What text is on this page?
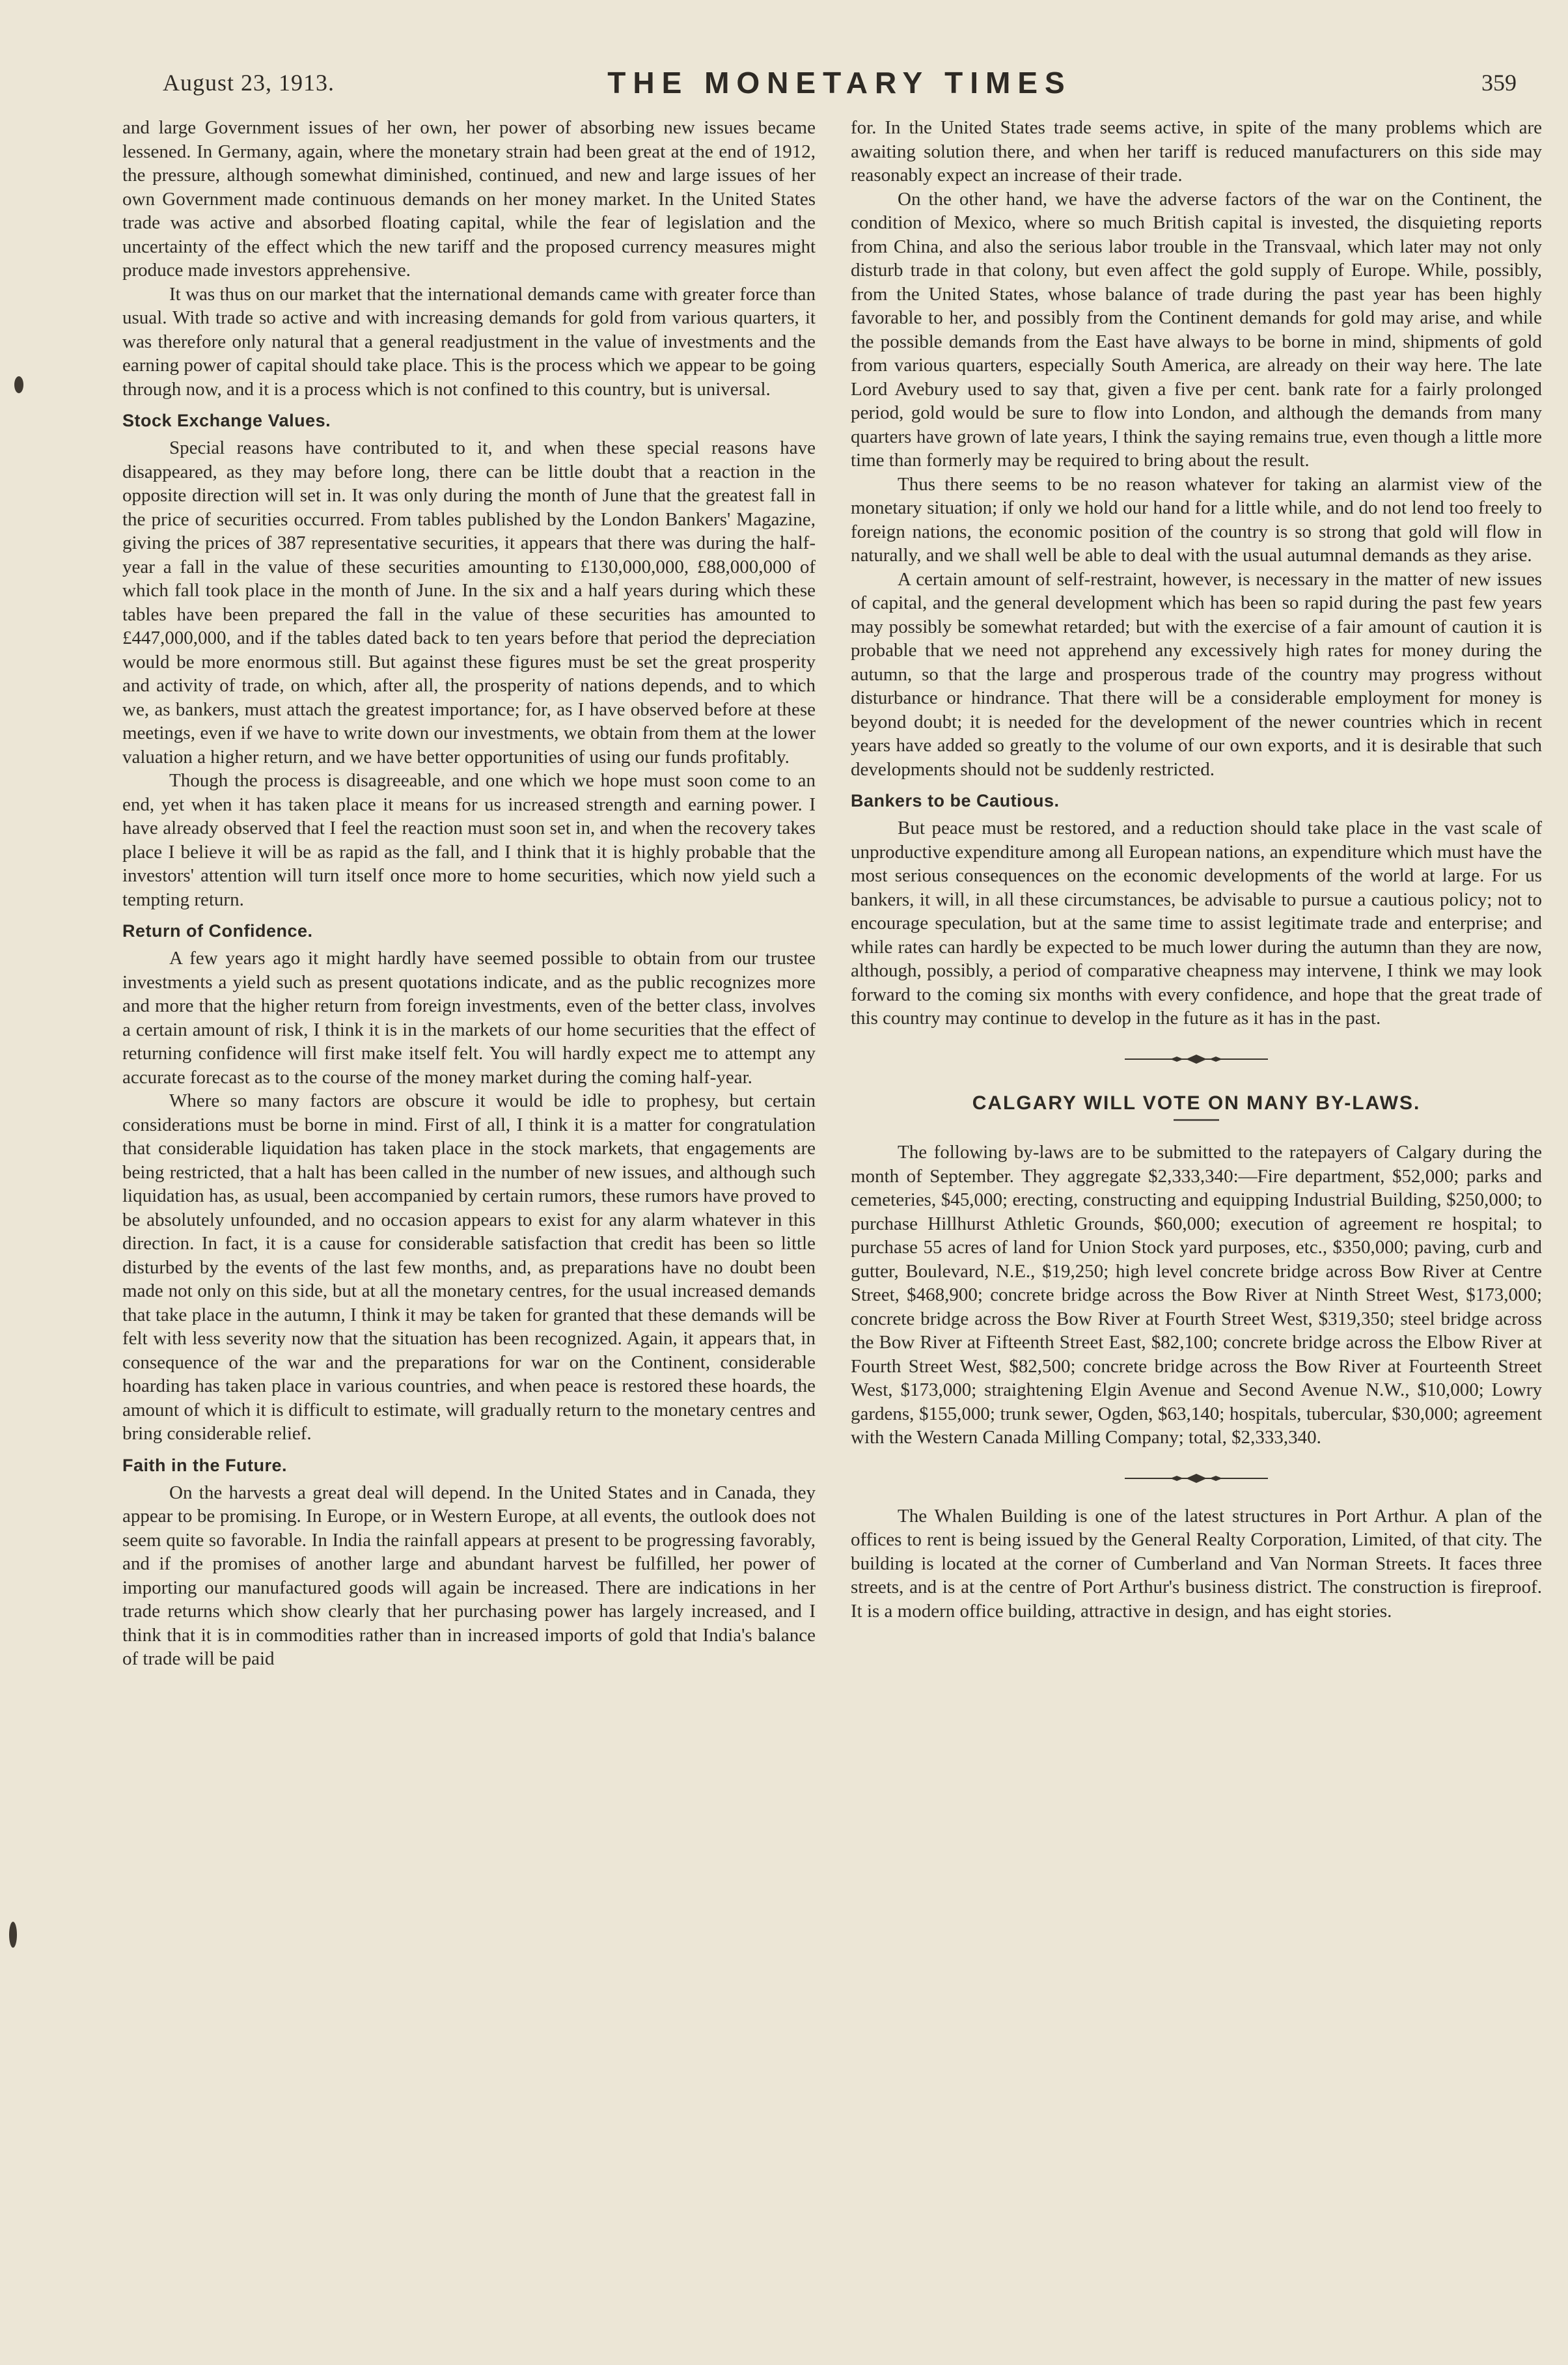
August 23, 1913.	THE MONETARY TIMES	359

and large Government issues of her own, her power of absorbing new issues became lessened. In Germany, again, where the monetary strain had been great at the end of 1912, the pressure, although somewhat diminished, continued, and new and large issues of her own Government made continuous demands on her money market. In the United States trade was active and absorbed floating capital, while the fear of legislation and the uncertainty of the effect which the new tariff and the proposed currency measures might produce made investors apprehensive.

It was thus on our market that the international demands came with greater force than usual. With trade so active and with increasing demands for gold from various quarters, it was therefore only natural that a general readjustment in the value of investments and the earning power of capital should take place. This is the process which we appear to be going through now, and it is a process which is not confined to this country, but is universal.

Stock Exchange Values.

Special reasons have contributed to it, and when these special reasons have disappeared, as they may before long, there can be little doubt that a reaction in the opposite direction will set in. It was only during the month of June that the greatest fall in the price of securities occurred. From tables published by the London Bankers' Magazine, giving the prices of 387 representative securities, it appears that there was during the half-year a fall in the value of these securities amounting to £130,000,000, £88,000,000 of which fall took place in the month of June. In the six and a half years during which these tables have been prepared the fall in the value of these securities has amounted to £447,000,000, and if the tables dated back to ten years before that period the depreciation would be more enormous still. But against these figures must be set the great prosperity and activity of trade, on which, after all, the prosperity of nations depends, and to which we, as bankers, must attach the greatest importance; for, as I have observed before at these meetings, even if we have to write down our investments, we obtain from them at the lower valuation a higher return, and we have better opportunities of using our funds profitably.

Though the process is disagreeable, and one which we hope must soon come to an end, yet when it has taken place it means for us increased strength and earning power. I have already observed that I feel the reaction must soon set in, and when the recovery takes place I believe it will be as rapid as the fall, and I think that it is highly probable that the investors' attention will turn itself once more to home securities, which now yield such a tempting return.

Return of Confidence.

A few years ago it might hardly have seemed possible to obtain from our trustee investments a yield such as present quotations indicate, and as the public recognizes more and more that the higher return from foreign investments, even of the better class, involves a certain amount of risk, I think it is in the markets of our home securities that the effect of returning confidence will first make itself felt. You will hardly expect me to attempt any accurate forecast as to the course of the money market during the coming half-year.

Where so many factors are obscure it would be idle to prophesy, but certain considerations must be borne in mind. First of all, I think it is a matter for congratulation that considerable liquidation has taken place in the stock markets, that engagements are being restricted, that a halt has been called in the number of new issues, and although such liquidation has, as usual, been accompanied by certain rumors, these rumors have proved to be absolutely unfounded, and no occasion appears to exist for any alarm whatever in this direction. In fact, it is a cause for considerable satisfaction that credit has been so little disturbed by the events of the last few months, and, as preparations have no doubt been made not only on this side, but at all the monetary centres, for the usual increased demands that take place in the autumn, I think it may be taken for granted that these demands will be felt with less severity now that the situation has been recognized. Again, it appears that, in consequence of the war and the preparations for war on the Continent, considerable hoarding has taken place in various countries, and when peace is restored these hoards, the amount of which it is difficult to estimate, will gradually return to the monetary centres and bring considerable relief.

Faith in the Future.

On the harvests a great deal will depend. In the United States and in Canada, they appear to be promising. In Europe, or in Western Europe, at all events, the outlook does not seem quite so favorable. In India the rainfall appears at present to be progressing favorably, and if the promises of another large and abundant harvest be fulfilled, her power of importing our manufactured goods will again be increased. There are indications in her trade returns which show clearly that her purchasing power has largely increased, and I think that it is in commodities rather than in increased imports of gold that India's balance of trade will be paid

for. In the United States trade seems active, in spite of the many problems which are awaiting solution there, and when her tariff is reduced manufacturers on this side may reasonably expect an increase of their trade.

On the other hand, we have the adverse factors of the war on the Continent, the condition of Mexico, where so much British capital is invested, the disquieting reports from China, and also the serious labor trouble in the Transvaal, which later may not only disturb trade in that colony, but even affect the gold supply of Europe. While, possibly, from the United States, whose balance of trade during the past year has been highly favorable to her, and possibly from the Continent demands for gold may arise, and while the possible demands from the East have always to be borne in mind, shipments of gold from various quarters, especially South America, are already on their way here. The late Lord Avebury used to say that, given a five per cent. bank rate for a fairly prolonged period, gold would be sure to flow into London, and although the demands from many quarters have grown of late years, I think the saying remains true, even though a little more time than formerly may be required to bring about the result.

Thus there seems to be no reason whatever for taking an alarmist view of the monetary situation; if only we hold our hand for a little while, and do not lend too freely to foreign nations, the economic position of the country is so strong that gold will flow in naturally, and we shall well be able to deal with the usual autumnal demands as they arise.

A certain amount of self-restraint, however, is necessary in the matter of new issues of capital, and the general development which has been so rapid during the past few years may possibly be somewhat retarded; but with the exercise of a fair amount of caution it is probable that we need not apprehend any excessively high rates for money during the autumn, so that the large and prosperous trade of the country may progress without disturbance or hindrance. That there will be a considerable employment for money is beyond doubt; it is needed for the development of the newer countries which in recent years have added so greatly to the volume of our own exports, and it is desirable that such developments should not be suddenly restricted.

Bankers to be Cautious.

But peace must be restored, and a reduction should take place in the vast scale of unproductive expenditure among all European nations, an expenditure which must have the most serious consequences on the economic developments of the world at large. For us bankers, it will, in all these circumstances, be advisable to pursue a cautious policy; not to encourage speculation, but at the same time to assist legitimate trade and enterprise; and while rates can hardly be expected to be much lower during the autumn than they are now, although, possibly, a period of comparative cheapness may intervene, I think we may look forward to the coming six months with every confidence, and hope that the great trade of this country may continue to develop in the future as it has in the past.

CALGARY WILL VOTE ON MANY BY-LAWS.

The following by-laws are to be submitted to the ratepayers of Calgary during the month of September. They aggregate $2,333,340:—Fire department, $52,000; parks and cemeteries, $45,000; erecting, constructing and equipping Industrial Building, $250,000; to purchase Hillhurst Athletic Grounds, $60,000; execution of agreement re hospital; to purchase 55 acres of land for Union Stock yard purposes, etc., $350,000; paving, curb and gutter, Boulevard, N.E., $19,250; high level concrete bridge across Bow River at Centre Street, $468,900; concrete bridge across the Bow River at Ninth Street West, $173,000; concrete bridge across the Bow River at Fourth Street West, $319,350; steel bridge across the Bow River at Fifteenth Street East, $82,100; concrete bridge across the Elbow River at Fourth Street West, $82,500; concrete bridge across the Bow River at Fourteenth Street West, $173,000; straightening Elgin Avenue and Second Avenue N.W., $10,000; Lowry gardens, $155,000; trunk sewer, Ogden, $63,140; hospitals, tubercular, $30,000; agreement with the Western Canada Milling Company; total, $2,333,340.

The Whalen Building is one of the latest structures in Port Arthur. A plan of the offices to rent is being issued by the General Realty Corporation, Limited, of that city. The building is located at the corner of Cumberland and Van Norman Streets. It faces three streets, and is at the centre of Port Arthur's business district. The construction is fireproof. It is a modern office building, attractive in design, and has eight stories.
